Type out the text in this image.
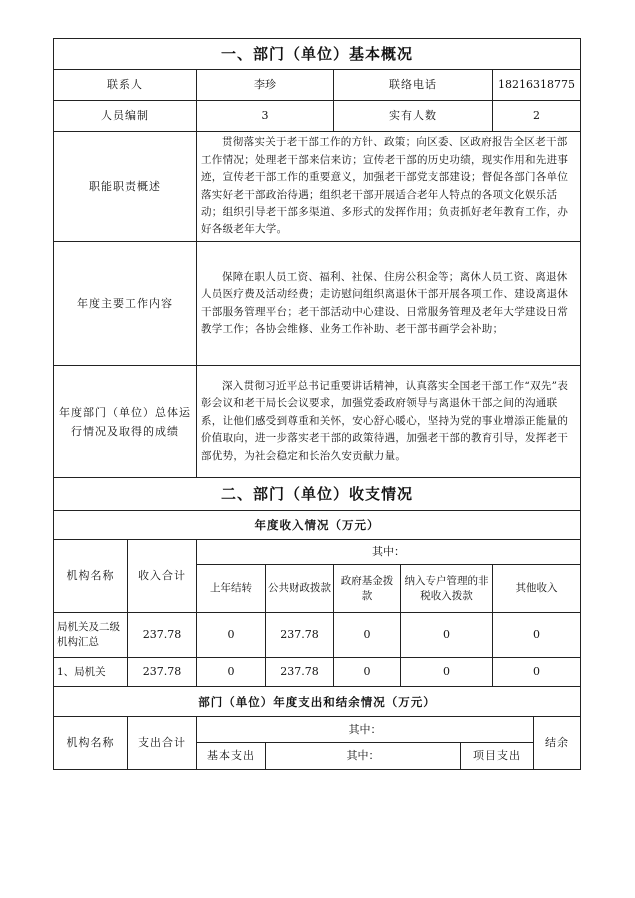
一、部门（单位）基本概况						
联系人		李珍		联络电话		18216318775
人员编制		3		实有人数		2
职能职责概述		贯彻落实关于老干部工作的方针、政策；向区委、区政府报告全区老干部工作情况；处理老干部来信来访；宣传老干部的历史功绩，现实作用和先进事迹，宣传老干部工作的重要意义，加强老干部党支部建设；督促各部门各单位落实好老干部政治待遇；组织老干部开展适合老年人特点的各项文化娱乐活动；组织引导老干部多渠道、多形式的发挥作用；负责抓好老年教育工作，办好各级老年大学。				
年度主要工作内容		保障在职人员工资、福利、社保、住房公积金等；离休人员工资、离退休人员医疗费及活动经费；走访慰问组织离退休干部开展各项工作、建设离退休干部服务管理平台；老干部活动中心建设、日常服务管理及老年大学建设日常教学工作；各协会维修、业务工作补助、老干部书画学会补助；				
年度部门（单位）总体运行情况及取得的成绩		深入贯彻习近平总书记重要讲话精神，认真落实全国老干部工作“双先”表彰会议和老干局长会议要求，加强党委政府领导与离退休干部之间的沟通联系，让他们感受到尊重和关怀，安心舒心暖心，坚持为党的事业增添正能量的价值取向，进一步落实老干部的政策待遇，加强老干部的教育引导，发挥老干部优势，为社会稳定和长治久安贡献力量。				
二、部门（单位）收支情况						
年度收入情况（万元）						
机构名称	收入合计	其中：				
		上年结转	公共财政拨款	政府基金拨款	纳入专户管理的非税收入拨款	其他收入
局机关及二级机构汇总	237.78	0	237.78	0	0	0
1、局机关	237.78	0	237.78	0	0	0
部门（单位）年度支出和结余情况（万元）						
机构名称	支出合计	其中：			结余
		基本支出	其中：	项目支出	
